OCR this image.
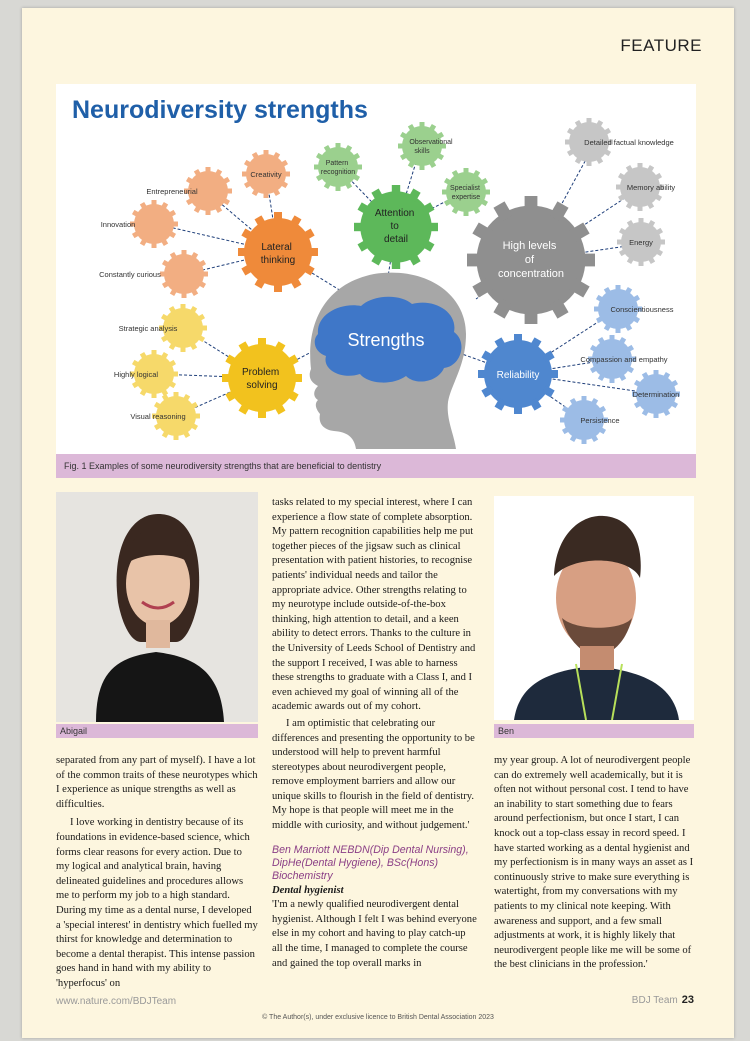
FEATURE
Strengths
Lateral thinking
Attention to detail
High levels of concentration
Problem solving
Reliability
Creativity
Entrepreneurial
Innovation
Constantly curious
Pattern recognition
Observational skills
Specialist expertise
Detailed factual knowledge
Memory ability
Energy
Strategic analysis
Highly logical
Visual reasoning
Conscientiousness
Compassion and empathy
Determination
Persistence
Neurodiversity strengths
Fig. 1 Examples of some neurodiversity strengths that are beneficial to dentistry
Abigail	Ben

tasks related to my special interest, where I can experience a flow state of complete absorption. My pattern recognition capabilities help me put together pieces of the jigsaw such as clinical presentation with patient histories, to recognise patients' individual needs and tailor the appropriate advice. Other strengths relating to my neurotype include outside-of-the-box thinking, high attention to detail, and a keen ability to detect errors. Thanks to the culture in the University of Leeds School of Dentistry and the support I received, I was able to harness these strengths to graduate with a Class I, and I even achieved my goal of winning all of the academic awards out of my cohort.

I am optimistic that celebrating our differences and presenting the opportunity to be understood will help to prevent harmful stereotypes about neurodivergent people, remove employment barriers and allow our unique skills to flourish in the field of dentistry. My hope is that people will meet me in the middle with curiosity, and without judgement.'

Ben Marriott NEBDN(Dip Dental Nursing), DipHe(Dental Hygiene), BSc(Hons) Biochemistry
Dental hygienist

'I'm a newly qualified neurodivergent dental hygienist. Although I felt I was behind everyone else in my cohort and having to play catch-up all the time, I managed to complete the course and gained the top overall marks in

separated from any part of myself). I have a lot of the common traits of these neurotypes which I experience as unique strengths as well as difficulties.

I love working in dentistry because of its foundations in evidence-based science, which forms clear reasons for every action. Due to my logical and analytical brain, having delineated guidelines and procedures allows me to perform my job to a high standard. During my time as a dental nurse, I developed a 'special interest' in dentistry which fuelled my thirst for knowledge and determination to become a dental therapist. This intense passion goes hand in hand with my ability to 'hyperfocus' on

my year group. A lot of neurodivergent people can do extremely well academically, but it is often not without personal cost. I tend to have an inability to start something due to fears around perfectionism, but once I start, I can knock out a top-class essay in record speed. I have started working as a dental hygienist and my perfectionism is in many ways an asset as I continuously strive to make sure everything is watertight, from my conversations with my patients to my clinical note keeping. With awareness and support, and a few small adjustments at work, it is highly likely that neurodivergent people like me will be some of the best clinicians in the profession.'

www.nature.com/BDJTeam	BDJ Team 23
© The Author(s), under exclusive licence to British Dental Association 2023
